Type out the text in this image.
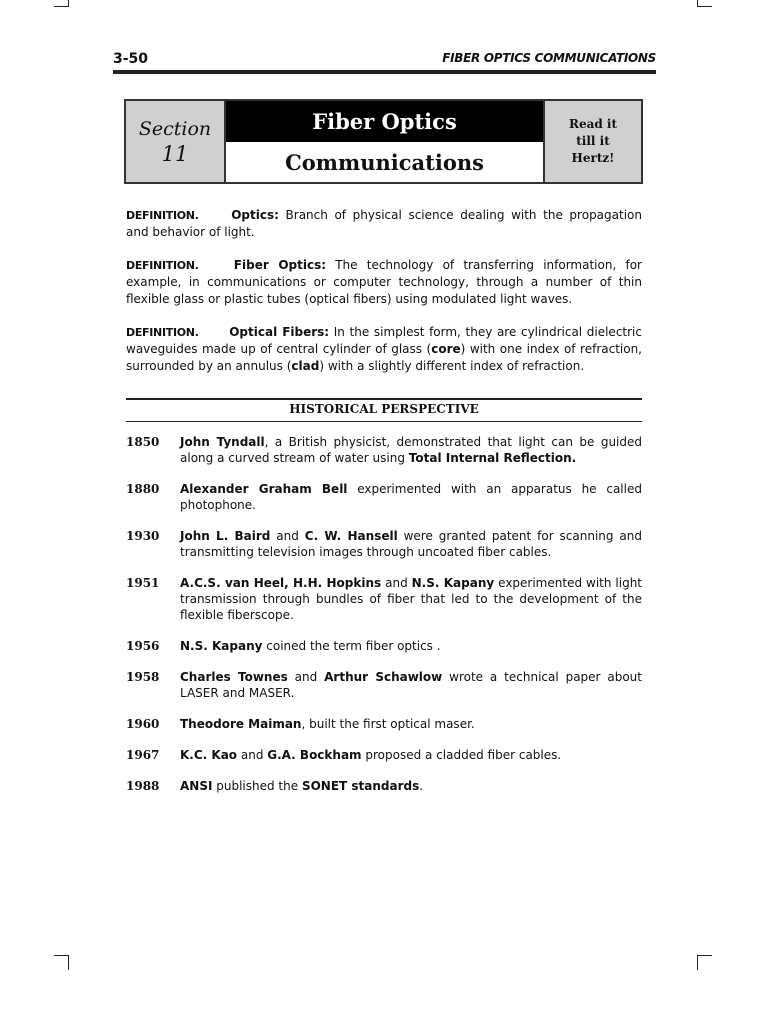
3-50	FIBER OPTICS COMMUNICATIONS
Section
11
Fiber Optics
Communications
Read it
till it
Hertz!

DEFINITION.	Optics: Branch of physical science dealing with the propagation and behavior of light.

DEFINITION.	Fiber Optics: The technology of transferring information, for example, in communications or computer technology, through a number of thin flexible glass or plastic tubes (optical fibers) using modulated light waves.

DEFINITION.	Optical Fibers: In the simplest form, they are cylindrical dielectric waveguides made up of central cylinder of glass (core) with one index of refraction, surrounded by an annulus (clad) with a slightly different index of refraction.

HISTORICAL PERSPECTIVE
1850	John Tyndall, a British physicist, demonstrated that light can be guided along a curved stream of water using Total Internal Reflection.
1880	Alexander Graham Bell experimented with an apparatus he called photophone.
1930	John L. Baird and C. W. Hansell were granted patent for scanning and transmitting television images through uncoated fiber cables.
1951	A.C.S. van Heel, H.H. Hopkins and N.S. Kapany experimented with light transmission through bundles of fiber that led to the development of the flexible fiberscope.
1956	N.S. Kapany coined the term fiber optics .
1958	Charles Townes and Arthur Schawlow wrote a technical paper about LASER and MASER.
1960	Theodore Maiman, built the first optical maser.
1967	K.C. Kao and G.A. Bockham proposed a cladded fiber cables.
1988	ANSI published the SONET standards.
